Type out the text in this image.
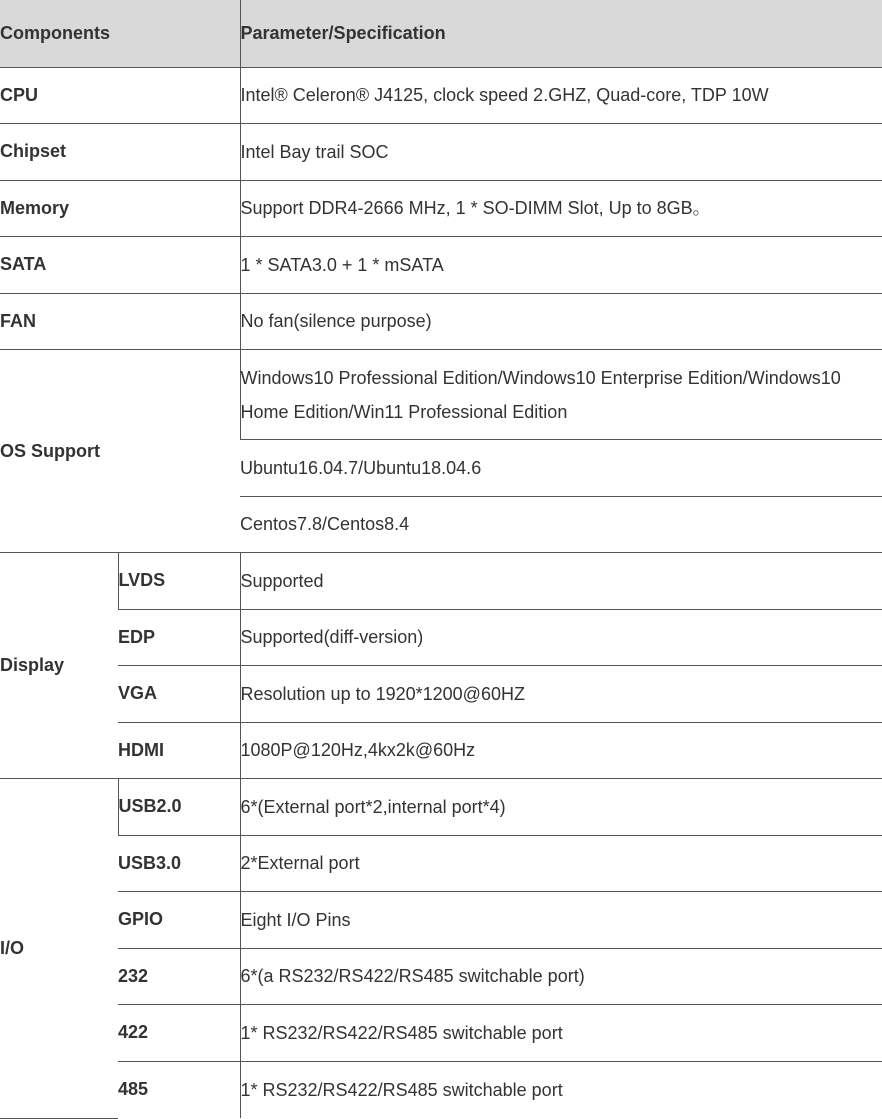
Components		Parameter/Specification
CPU		Intel® Celeron® J4125, clock speed 2.GHZ, Quad-core, TDP 10W
Chipset		Intel Bay trail SOC
Memory		Support DDR4-2666 MHz, 1 * SO-DIMM Slot, Up to 8GB。
SATA		1 * SATA3.0 + 1 * mSATA
FAN		No fan(silence purpose)
OS Support		Windows10 Professional Edition/Windows10 Enterprise Edition/Windows10 Home Edition/Win11 Professional Edition
		Ubuntu16.04.7/Ubuntu18.04.6
		Centos7.8/Centos8.4
Display	LVDS	Supported
	EDP	Supported(diff-version)
	VGA	Resolution up to 1920*1200@60HZ
	HDMI	1080P@120Hz,4kx2k@60Hz
I/O	USB2.0	6*(External port*2,internal port*4)
	USB3.0	2*External port
	GPIO	Eight I/O Pins
	232	6*(a RS232/RS422/RS485 switchable port)
	422	1* RS232/RS422/RS485 switchable port
	485	1* RS232/RS422/RS485 switchable port
